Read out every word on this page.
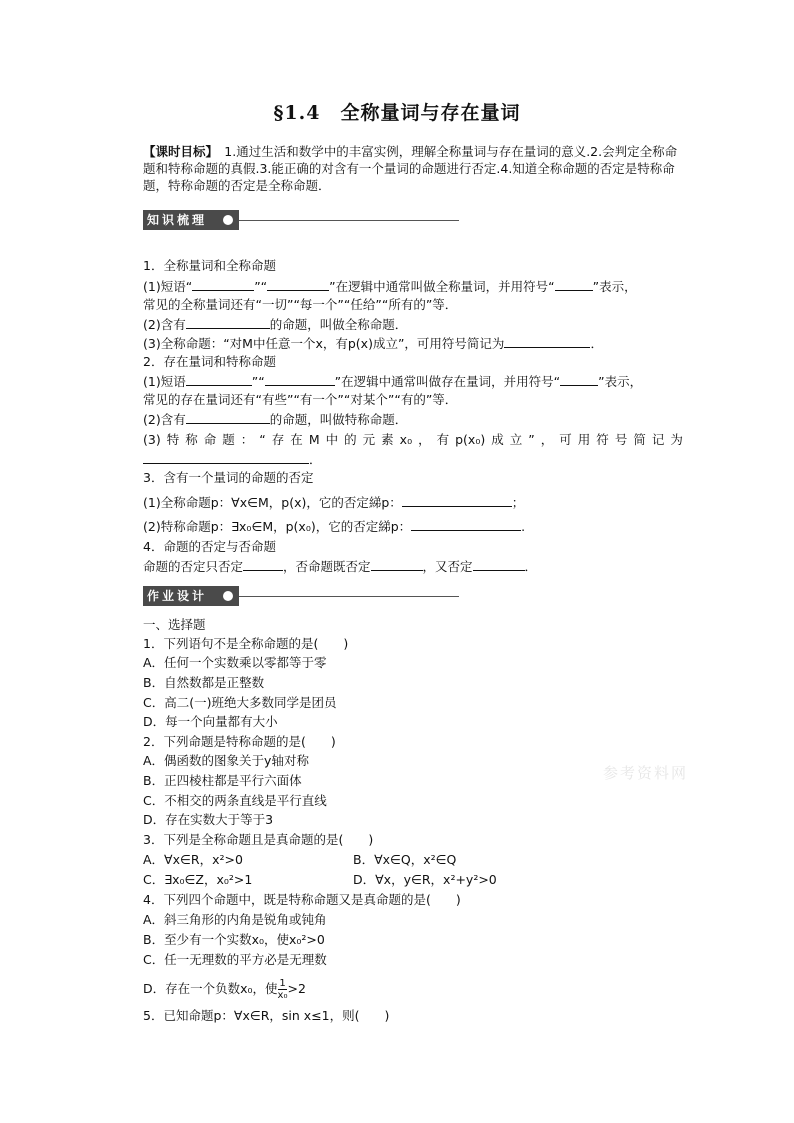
§1.4　全称量词与存在量词
【课时目标】　1.通过生活和数学中的丰富实例，理解全称量词与存在量词的意义.2.会判定全称命题和特称命题的真假.3.能正确的对含有一个量词的命题进行否定.4.知道全称命题的否定是特称命题，特称命题的否定是全称命题．
知识梳理
1．全称量词和全称命题
(1)短语“	”“	”在逻辑中通常叫做全称量词，并用符号“	”表示，
常见的全称量词还有“一切”“每一个”“任给”“所有的”等．
(2)含有	的命题，叫做全称命题．
(3)全称命题：“对M中任意一个x，有p(x)成立”，可用符号简记为	．
2．存在量词和特称命题
(1)短语	”“	”在逻辑中通常叫做存在量词，并用符号“	”表示，
常见的存在量词还有“有些”“有一个”“对某个”“有的”等．
(2)含有	的命题，叫做特称命题．
(3) 特 称 命 题 ： “ 存 在 M 中 的 元 素 x₀ ， 有 p(x₀) 成 立 ” ， 可 用 符 号 简 记 为
．
3．含有一个量词的命题的否定
(1)全称命题p：∀x∈M，p(x)，它的否定綈p：	；
(2)特称命题p：∃x₀∈M，p(x₀)，它的否定綈p：	.
4．命题的否定与否命题
命题的否定只否定	，否命题既否定	，又否定	．
作业设计
一、选择题
1．下列语句不是全称命题的是(　　)
A．任何一个实数乘以零都等于零
B．自然数都是正整数
C．高二(一)班绝大多数同学是团员
D．每一个向量都有大小
2．下列命题是特称命题的是(　　)
A．偶函数的图象关于y轴对称
B．正四棱柱都是平行六面体
C．不相交的两条直线是平行直线
D．存在实数大于等于3
3．下列是全称命题且是真命题的是(　　)
A．∀x∈R，x²>0	B．∀x∈Q，x²∈Q
C．∃x₀∈Z，x₀²>1	D．∀x，y∈R，x²+y²>0
4．下列四个命题中，既是特称命题又是真命题的是(　　)
A．斜三角形的内角是锐角或钝角
B．至少有一个实数x₀，使x₀²>0
C．任一无理数的平方必是无理数
D．存在一个负数x₀，使 $\frac{1}{\text{x₀}} >2$
5．已知命题p：∀x∈R，sin x≤1，则(　　)
参考资料网
